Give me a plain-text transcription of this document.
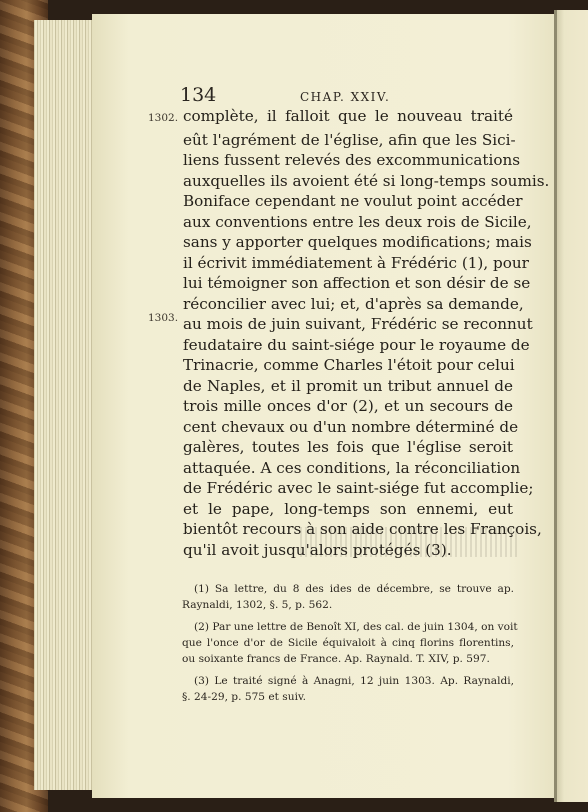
134	CHAP. XXIV.
1302.
1303.
complète, il falloit que le nouveau traité
eût l'agrément de l'église, afin que les Sici-
liens fussent relevés des excommunications
auxquelles ils avoient été si long-temps soumis.
Boniface cependant ne voulut point accéder
aux conventions entre les deux rois de Sicile,
sans y apporter quelques modifications; mais
il écrivit immédiatement à Frédéric (1), pour
lui témoigner son affection et son désir de se
réconcilier avec lui; et, d'après sa demande,
au mois de juin suivant, Frédéric se reconnut
feudataire du saint-siége pour le royaume de
Trinacrie, comme Charles l'étoit pour celui
de Naples, et il promit un tribut annuel de
trois mille onces d'or (2), et un secours de
cent chevaux ou d'un nombre déterminé de
galères, toutes les fois que l'église seroit
attaquée. A ces conditions, la réconciliation
de Frédéric avec le saint-siége fut accomplie;
et le pape, long-temps son ennemi, eut
bientôt recours à son aide contre les François,
qu'il avoit jusqu'alors protégés (3).
(1) Sa lettre, du 8 des ides de décembre, se trouve ap.
Raynaldi, 1302, §. 5, p. 562.
(2) Par une lettre de Benoît XI, des cal. de juin 1304, on voit
que l'once d'or de Sicile équivaloit à cinq florins florentins,
ou soixante francs de France. Ap. Raynald. T. XIV, p. 597.
(3) Le traité signé à Anagni, 12 juin 1303. Ap. Raynaldi,
§. 24-29, p. 575 et suiv.
